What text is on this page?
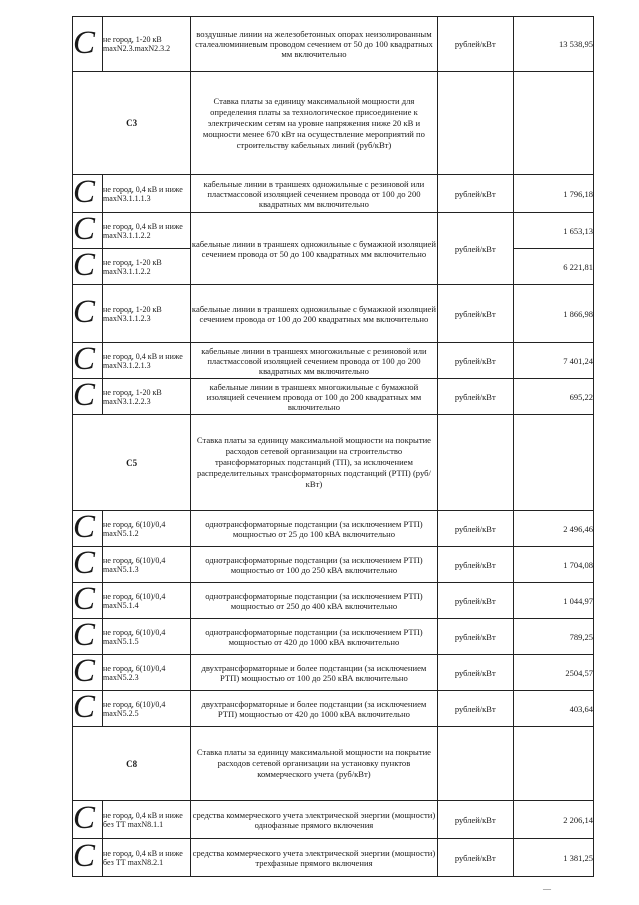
C	не город, 1-20 кВ maxN2.3.maxN2.3.2	воздушные линии на железобетонных опорах неизолированным сталеалюминиевым проводом сечением от 50 до 100 квадратных мм включительно	рублей/кВт	13 538,95
C3		Ставка платы за единицу максимальной мощности для определения платы за технологическое присоединение к электрическим сетям на уровне напряжения ниже 20 кВ и мощности менее 670 кВт на осуществление мероприятий по строительству кабельных линий (руб/кВт)		

C	не город, 0,4 кВ и ниже maxN3.1.1.1.3	кабельные линии в траншеях одножильные с резиновой или пластмассовой изоляцией сечением провода от 100 до 200 квадратных мм включительно	рублей/кВт	1 796,18

C	не город, 0,4 кВ и ниже maxN3.1.1.2.2	кабельные линии в траншеях одножильные с бумажной изоляцией сечением провода от 50 до 100 квадратных мм включительно	рублей/кВт	1 653,13

C	не город, 1-20 кВ maxN3.1.1.2.2			6 221,81

C	не город, 1-20 кВ maxN3.1.1.2.3	кабельные линии в траншеях одножильные с бумажной изоляцией сечением провода от 100 до 200 квадратных мм включительно	рублей/кВт	1 866,98

C	не город, 0,4 кВ и ниже maxN3.1.2.1.3	кабельные линии в траншеях многожильные с резиновой или пластмассовой изоляцией сечением провода от 100 до 200 квадратных мм включительно	рублей/кВт	7 401,24

C	не город, 1-20 кВ maxN3.1.2.2.3	кабельные линии в траншеях многожильные с бумажной изоляцией сечением провода от 100 до 200 квадратных мм включительно	рублей/кВт	695,22
C5		Ставка платы за единицу максимальной мощности на покрытие расходов сетевой организации на строительство трансформаторных подстанций (ТП), за исключением распределительных трансформаторных подстанций (РТП) (руб/кВт)		

C	не город, 6(10)/0,4 maxN5.1.2	однотрансформаторные подстанции (за исключением РТП) мощностью от 25 до 100 кВА включительно	рублей/кВт	2 496,46

C	не город, 6(10)/0,4 maxN5.1.3	однотрансформаторные подстанции (за исключением РТП) мощностью от 100 до 250 кВА включительно	рублей/кВт	1 704,08

C	не город, 6(10)/0,4 maxN5.1.4	однотрансформаторные подстанции (за исключением РТП) мощностью от 250 до 400 кВА включительно	рублей/кВт	1 044,97

C	не город, 6(10)/0,4 maxN5.1.5	однотрансформаторные подстанции (за исключением РТП) мощностью от 420 до 1000 кВА включительно	рублей/кВт	789,25

C	не город, 6(10)/0,4 maxN5.2.3	двухтрансформаторные и более подстанции (за исключением РТП) мощностью от 100 до 250 кВА включительно	рублей/кВт	2504,57

C	не город, 6(10)/0,4 maxN5.2.5	двухтрансформаторные и более подстанции (за исключением РТП) мощностью от 420 до 1000 кВА включительно	рублей/кВт	403,64
C8		Ставка платы за единицу максимальной мощности на покрытие расходов сетевой организации на установку пунктов коммерческого учета (руб/кВт)		

C	не город, 0,4 кВ и ниже без ТТ maxN8.1.1	средства коммерческого учета электрической энергии (мощности) однофазные прямого включения	рублей/кВт	2 206,14

C	не город, 0,4 кВ и ниже без ТТ maxN8.2.1	средства коммерческого учета электрической энергии (мощности) трехфазные прямого включения	рублей/кВт	1 381,25
—
